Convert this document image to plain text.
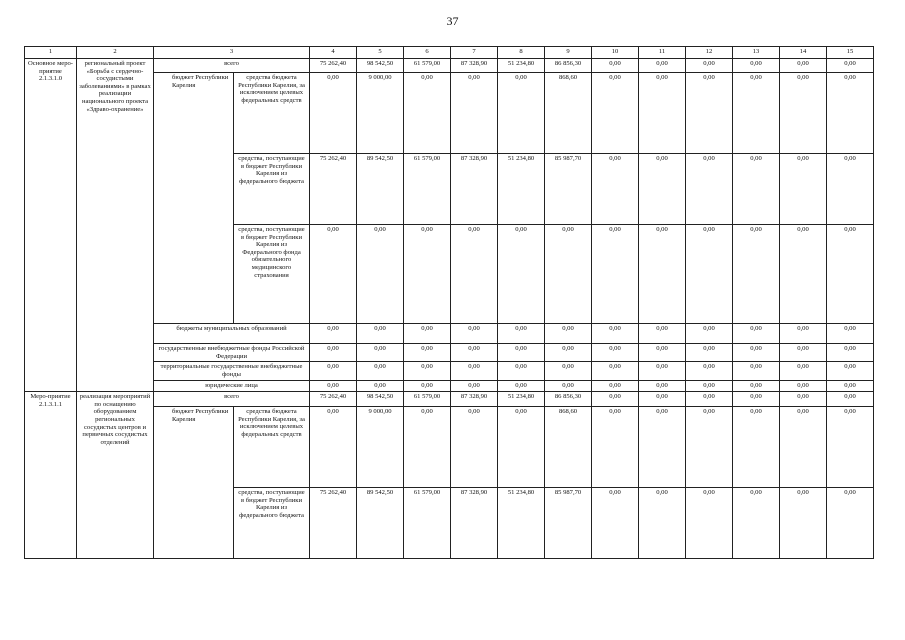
37
1	2	3		4	5	6	7	8	9	10	11	12	13	14	15
Основное меро-приятие 2.1.3.1.0	региональный проект «Борьба с сердечно-сосудистыми заболеваниями» в рамках реализации национального проекта «Здраво-охранение»	всего		75 262,40	98 542,50	61 579,00	87 328,90	51 234,80	86 856,30	0,00	0,00	0,00	0,00	0,00	0,00
		бюджет Республики Карелия	средства бюджета Республики Карелия, за исключением целевых федеральных средств	0,00	9 000,00	0,00	0,00	0,00	868,60	0,00	0,00	0,00	0,00	0,00	0,00
			средства, поступающие в бюджет Республики Карелия из федерального бюджета	75 262,40	89 542,50	61 579,00	87 328,90	51 234,80	85 987,70	0,00	0,00	0,00	0,00	0,00	0,00
			средства, поступающие в бюджет Республики Карелия из Федерального фонда обязательного медицинского страхования	0,00	0,00	0,00	0,00	0,00	0,00	0,00	0,00	0,00	0,00	0,00	0,00
		бюджеты муниципальных образований		0,00	0,00	0,00	0,00	0,00	0,00	0,00	0,00	0,00	0,00	0,00	0,00
		государственные внебюджетные фонды Российской Федерации		0,00	0,00	0,00	0,00	0,00	0,00	0,00	0,00	0,00	0,00	0,00	0,00
		территориальные государственные внебюджетные фонды		0,00	0,00	0,00	0,00	0,00	0,00	0,00	0,00	0,00	0,00	0,00	0,00
		юридические лица		0,00	0,00	0,00	0,00	0,00	0,00	0,00	0,00	0,00	0,00	0,00	0,00
Меро-приятие 2.1.3.1.1	реализация мероприятий по оснащению оборудованием региональных сосудистых центров и первичных сосудистых отделений	всего		75 262,40	98 542,50	61 579,00	87 328,90	51 234,80	86 856,30	0,00	0,00	0,00	0,00	0,00	0,00
		бюджет Республики Карелия	средства бюджета Республики Карелия, за исключением целевых федеральных средств	0,00	9 000,00	0,00	0,00	0,00	868,60	0,00	0,00	0,00	0,00	0,00	0,00
			средства, поступающие в бюджет Республики Карелия из федерального бюджета	75 262,40	89 542,50	61 579,00	87 328,90	51 234,80	85 987,70	0,00	0,00	0,00	0,00	0,00	0,00
